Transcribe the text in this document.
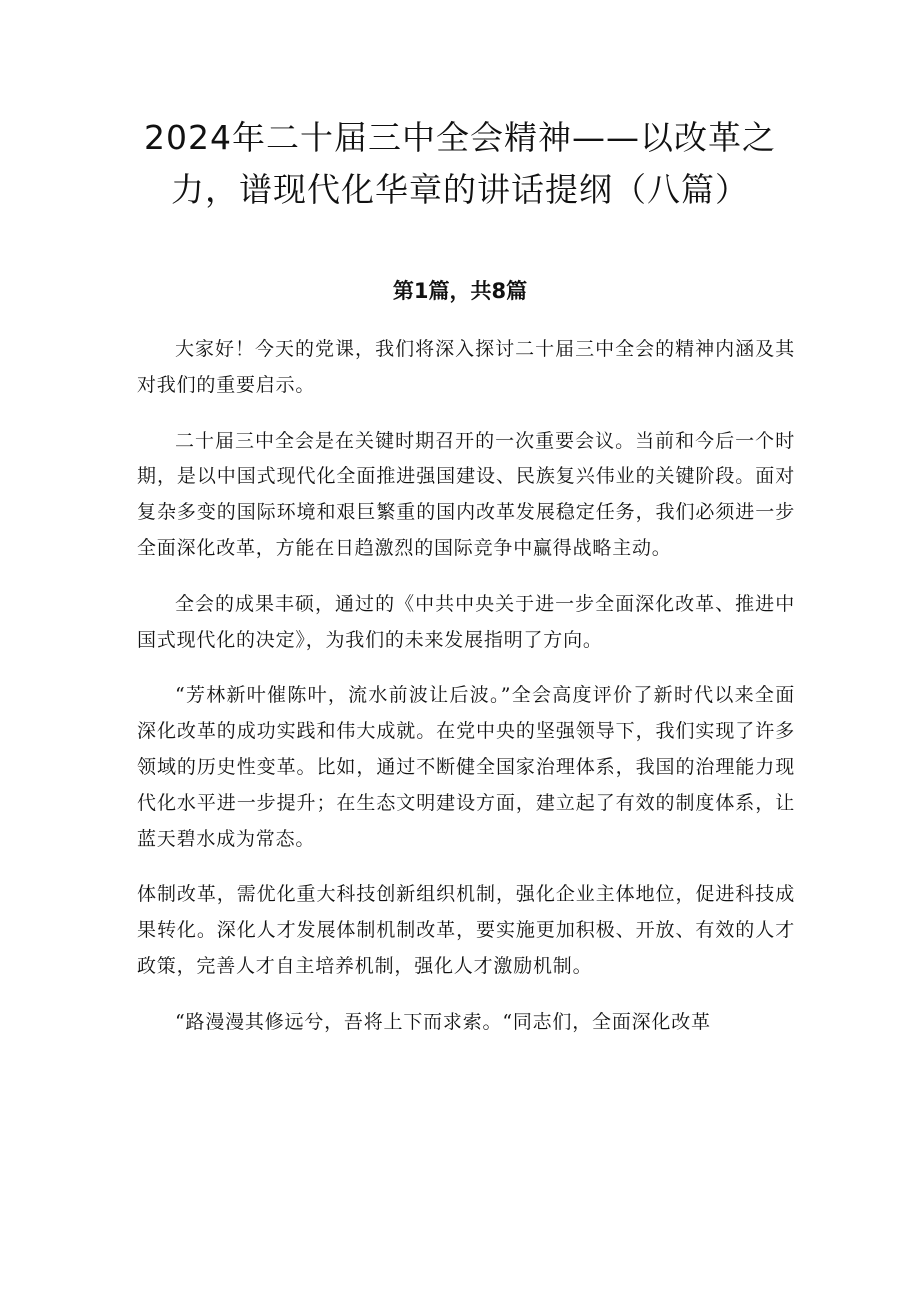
2024年二十届三中全会精神——以改革之力，谱现代化华章的讲话提纲（八篇）
第1篇，共8篇

大家好！今天的党课，我们将深入探讨二十届三中全会的精神内涵及其对我们的重要启示。

二十届三中全会是在关键时期召开的一次重要会议。当前和今后一个时期，是以中国式现代化全面推进强国建设、民族复兴伟业的关键阶段。面对复杂多变的国际环境和艰巨繁重的国内改革发展稳定任务，我们必须进一步全面深化改革，方能在日趋激烈的国际竞争中赢得战略主动。

全会的成果丰硕，通过的《中共中央关于进一步全面深化改革、推进中国式现代化的决定》，为我们的未来发展指明了方向。

“芳林新叶催陈叶，流水前波让后波。”全会高度评价了新时代以来全面深化改革的成功实践和伟大成就。在党中央的坚强领导下，我们实现了许多领域的历史性变革。比如，通过不断健全国家治理体系，我国的治理能力现代化水平进一步提升；在生态文明建设方面，建立起了有效的制度体系，让蓝天碧水成为常态。

体制改革，需优化重大科技创新组织机制，强化企业主体地位，促进科技成果转化。深化人才发展体制机制改革，要实施更加积极、开放、有效的人才政策，完善人才自主培养机制，强化人才激励机制。

“路漫漫其修远兮，吾将上下而求索。“同志们，全面深化改革
